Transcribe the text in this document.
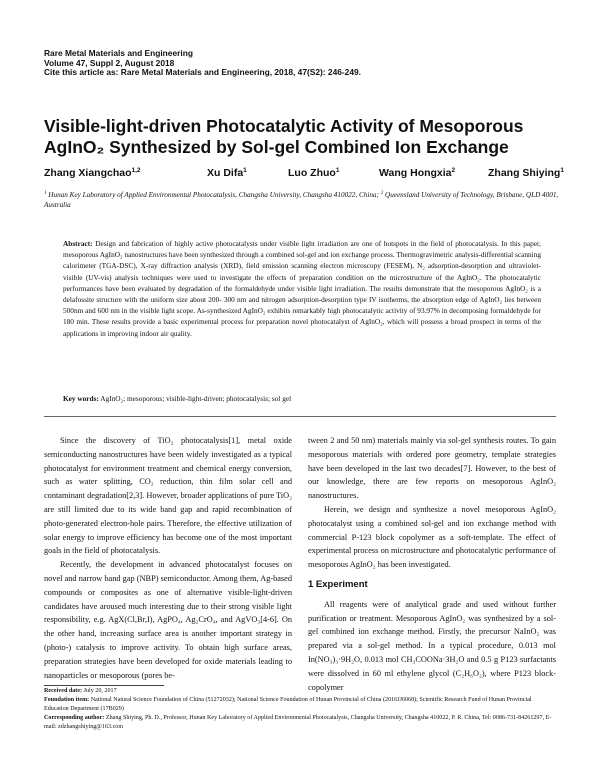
Rare Metal Materials and Engineering
Volume 47, Suppl 2, August 2018
Cite this article as: Rare Metal Materials and Engineering, 2018, 47(S2): 246-249.
Visible-light-driven Photocatalytic Activity of Mesoporous AgInO₂ Synthesized by Sol-gel Combined Ion Exchange
Zhang Xiangchao$^{1,2}$	Xu Difa$^1$	Luo Zhuo$^1$	Wang Hongxia$^2$	Zhang Shiying$^1$
$^1$ Hunan Key Laboratory of Applied Environmental Photocatalysis, Changsha University, Changsha 410022, China; $^2$ Queensland University of Technology, Brisbane, QLD 4001, Australia
Abstract: Design and fabrication of highly active photocatalysts under visible light irradiation are one of hotspots in the field of photocatalysis. In this paper, mesoporous AgInO₂ nanostructures have been synthesized through a combined sol-gel and ion exchange process. Thermogravimetric analysis-differential scanning calorimeter (TGA-DSC), X-ray diffraction analysis (XRD), field emission scanning electron microscopy (FESEM), N₂ adsorption-desorption and ultraviolet-visible (UV-vis) analysis techniques were used to investigate the effects of preparation condition on the microstructure of the AgInO₂. The photocatalytic performances have been evaluated by degradation of the formaldehyde under visible light irradiation. The results demonstrate that the mesoporous AgInO₂ is a delafossite structure with the uniform size about 200- 300 nm and nitrogen adsorption-desorption type IV isotherms, the absorption edge of AgInO₂ lies between 500nm and 600 nm in the visible light scope. As-synthesized AgInO₂ exhibits remarkably high photocatalytic activity of 93.97% in decomposing formaldehyde for 180 min. These results provide a basic experimental process for preparation novel photocatalyst of AgInO₂, which will possess a broad prospect in terms of the applications in improving indoor air quality.
Key words: AgInO₂; mesoporous; visible-light-driven; photocatalysis; sol gel

Since the discovery of TiO₂ photocatalysis[1], metal oxide semiconducting nanostructures have been widely investigated as a typical photocatalyst for environment treatment and chemical energy conversion, such as water splitting, CO₂ reduction, thin film solar cell and contaminant degradation[2,3]. However, broader applications of pure TiO₂ are still limited due to its wide band gap and rapid recombination of photo-generated electron-hole pairs. Therefore, the effective utilization of solar energy to improve efficiency has become one of the most important goals in the field of photocatalysis.

Recently, the development in advanced photocatalyst focuses on novel and narrow band gap (NBP) semiconductor. Among them, Ag-based compounds or composites as one of alternative visible-light-driven candidates have aroused much interesting due to their strong visible light responsibility, e.g. AgX(Cl,Br,I), AgPO₄, Ag₂CrO₄, and AgVO₃[4-6]. On the other hand, increasing surface area is another important strategy in (photo-) catalysis to improve activity. To obtain high surface areas, preparation strategies have been developed for oxide materials leading to nanoparticles or mesoporous (pores be-

tween 2 and 50 nm) materials mainly via sol-gel synthesis routes. To gain mesoporous materials with ordered pore geometry, template strategies have been developed in the last two decades[7]. However, to the best of our knowledge, there are few reports on mesoporous AgInO₂ nanostructures.

Herein, we design and synthesize a novel mesoporous AgInO₂ photocatalyst using a combined sol-gel and ion exchange method with commercial P-123 block copolymer as a soft-template. The effect of experimental process on microstructure and photocatalytic performance of mesoporous AgInO₂ has been investigated.

1 Experiment

All reagents were of analytical grade and used without further purification or treatment. Mesoporous AgInO₂ was synthesized by a sol-gel combined ion exchange method. Firstly, the precursor NaInO₂ was prepared via a sol-gel method. In a typical procedure, 0.013 mol In(NO₃)₃·9H₂O, 0.013 mol CH₃COONa·3H₂O and 0.5 g P123 surfactants were dissolved in 60 ml ethylene glycol (C₂H₆O₂), where P123 block-copolymer

Received date: July 20, 2017
Foundation item: National Natural Science Foundation of China (51272032); National Science Foundation of Hunan Provincial of China (2016JJ6068); Scientific Research Fund of Hunan Provincial Education Department (17B029)
Corresponding author: Zhang Shiying, Ph. D., Professor, Hunan Key Laboratory of Applied Environmental Photocatalysis, Changsha University, Changsha 410022, P. R. China, Tel: 0086-731-84261297, E-mail: zdzhangshiying@163.com
